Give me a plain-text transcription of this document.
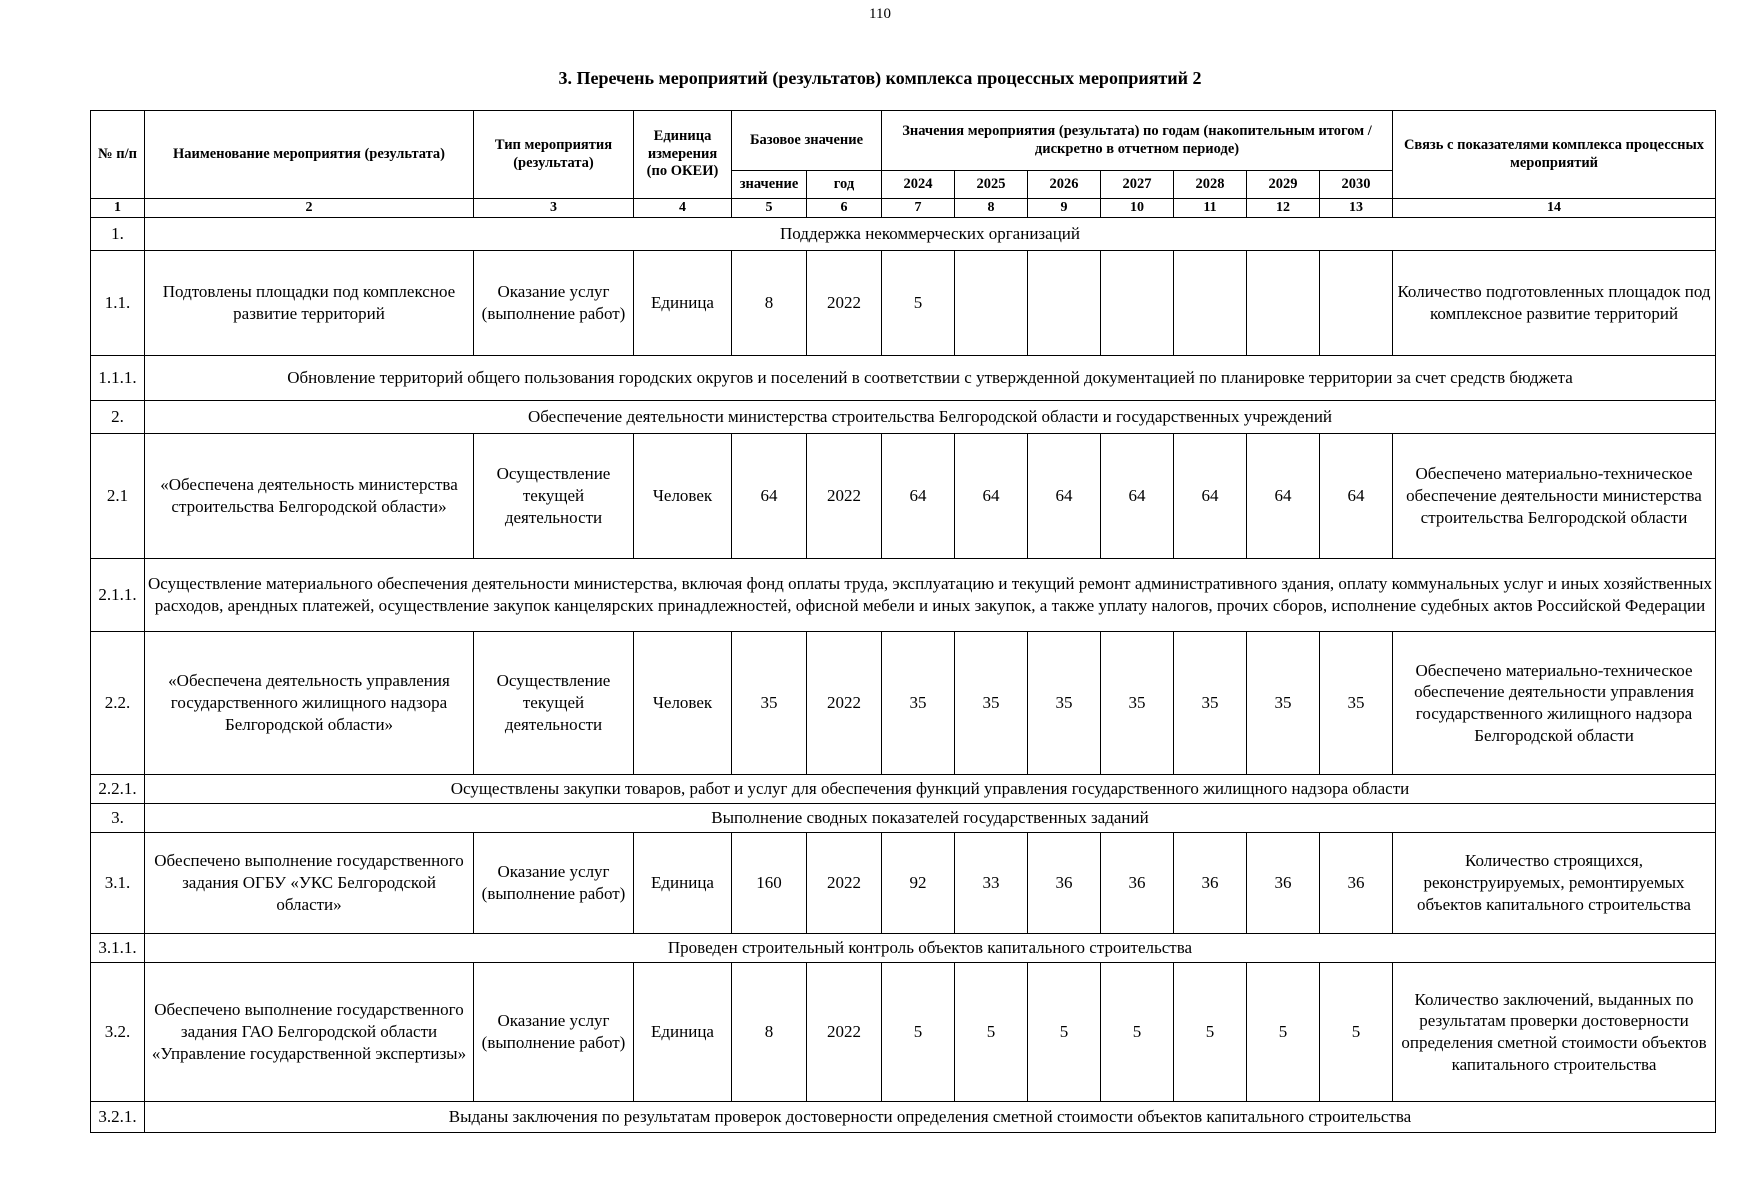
110
3. Перечень мероприятий (результатов) комплекса процессных мероприятий 2
№ п/п	Наименование мероприятия (результата)	Тип мероприятия (результата)	Единица измерения (по ОКЕИ)	Базовое значение		Значения мероприятия (результата) по годам (накопительным итогом / дискретно в отчетном периоде)							Связь с показателями комплекса процессных мероприятий
				значение	год	2024	2025	2026	2027	2028	2029	2030	
1	2	3	4	5	6	7	8	9	10	11	12	13	14
1.	Поддержка некоммерческих организаций												
1.1.	Подтовлены площадки под комплексное развитие территорий	Оказание услуг (выполнение работ)	Единица	8	2022	5							Количество подготовленных площадок под комплексное развитие территорий
1.1.1.	Обновление территорий общего пользования городских округов и поселений в соответствии с утвержденной документацией по планировке территории за счет средств бюджета												
2.	Обеспечение деятельности министерства строительства Белгородской области и государственных учреждений												
2.1	«Обеспечена деятельность министерства строительства Белгородской области»	Осуществление текущей деятельности	Человек	64	2022	64	64	64	64	64	64	64	Обеспечено материально-техническое обеспечение деятельности министерства строительства Белгородской области
2.1.1.	Осуществление материального обеспечения деятельности министерства, включая фонд оплаты труда, эксплуатацию и текущий ремонт административного здания, оплату коммунальных услуг и иных хозяйственных расходов, арендных платежей, осуществление закупок канцелярских принадлежностей, офисной мебели и иных закупок, а также уплату налогов, прочих сборов, исполнение судебных актов Российской Федерации												
2.2.	«Обеспечена деятельность управления государственного жилищного надзора Белгородской области»	Осуществление текущей деятельности	Человек	35	2022	35	35	35	35	35	35	35	Обеспечено материально-техническое обеспечение деятельности управления государственного жилищного надзора Белгородской области
2.2.1.	Осуществлены закупки товаров, работ и услуг для обеспечения функций управления государственного жилищного надзора области												
3.	Выполнение сводных показателей государственных заданий												
3.1.	Обеспечено выполнение государственного задания ОГБУ «УКС Белгородской области»	Оказание услуг (выполнение работ)	Единица	160	2022	92	33	36	36	36	36	36	Количество строящихся, реконструируемых, ремонтируемых объектов капитального строительства
3.1.1.	Проведен строительный контроль объектов капитального строительства												
3.2.	Обеспечено выполнение государственного задания ГАО Белгородской области «Управление государственной экспертизы»	Оказание услуг (выполнение работ)	Единица	8	2022	5	5	5	5	5	5	5	Количество заключений, выданных по результатам проверки достоверности определения сметной стоимости объектов капитального строительства
3.2.1.	Выданы заключения по результатам проверок достоверности определения сметной стоимости объектов капитального строительства												
